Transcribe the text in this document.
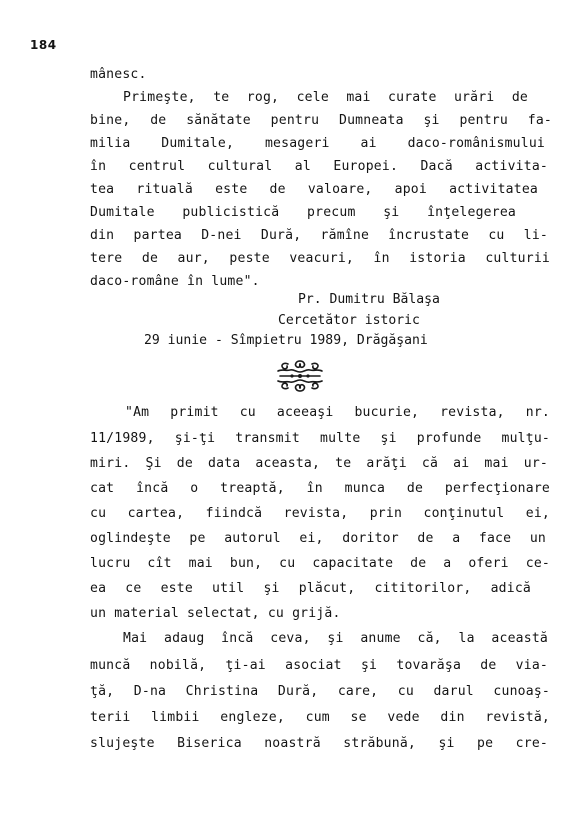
184
mânesc.
Primeşte, te rog, cele mai curate urări de
bine, de sănătate pentru Dumneata şi pentru fa-
milia Dumitale, mesageri ai daco-românismului
în centrul cultural al Europei. Dacă activita-
tea rituală este de valoare, apoi activitatea
Dumitale publicistică precum şi înţelegerea
din partea D-nei Dură, rămîne încrustate cu li-
tere de aur, peste veacuri, în istoria culturii
daco-române în lume".
Pr. Dumitru Bălaşa
Cercetător istoric
29 iunie - Sîmpietru 1989, Drăgăşani
"Am primit cu aceeaşi bucurie, revista, nr.
11/1989, şi-ţi transmit multe şi profunde mulţu-
miri. Şi de data aceasta, te arăţi că ai mai ur-
cat încă o treaptă, în munca de perfecţionare
cu cartea, fiindcă revista, prin conţinutul ei,
oglindeşte pe autorul ei, doritor de a face un
lucru cît mai bun, cu capacitate de a oferi ce-
ea ce este util şi plăcut, cititorilor, adică
un material selectat, cu grijă.
Mai adaug încă ceva, şi anume că, la această
muncă nobilă, ţi-ai asociat şi tovarăşa de via-
ţă, D-na Christina Dură, care, cu darul cunoaş-
terii limbii engleze, cum se vede din revistă,
slujeşte Biserica noastră străbună, şi pe cre-
